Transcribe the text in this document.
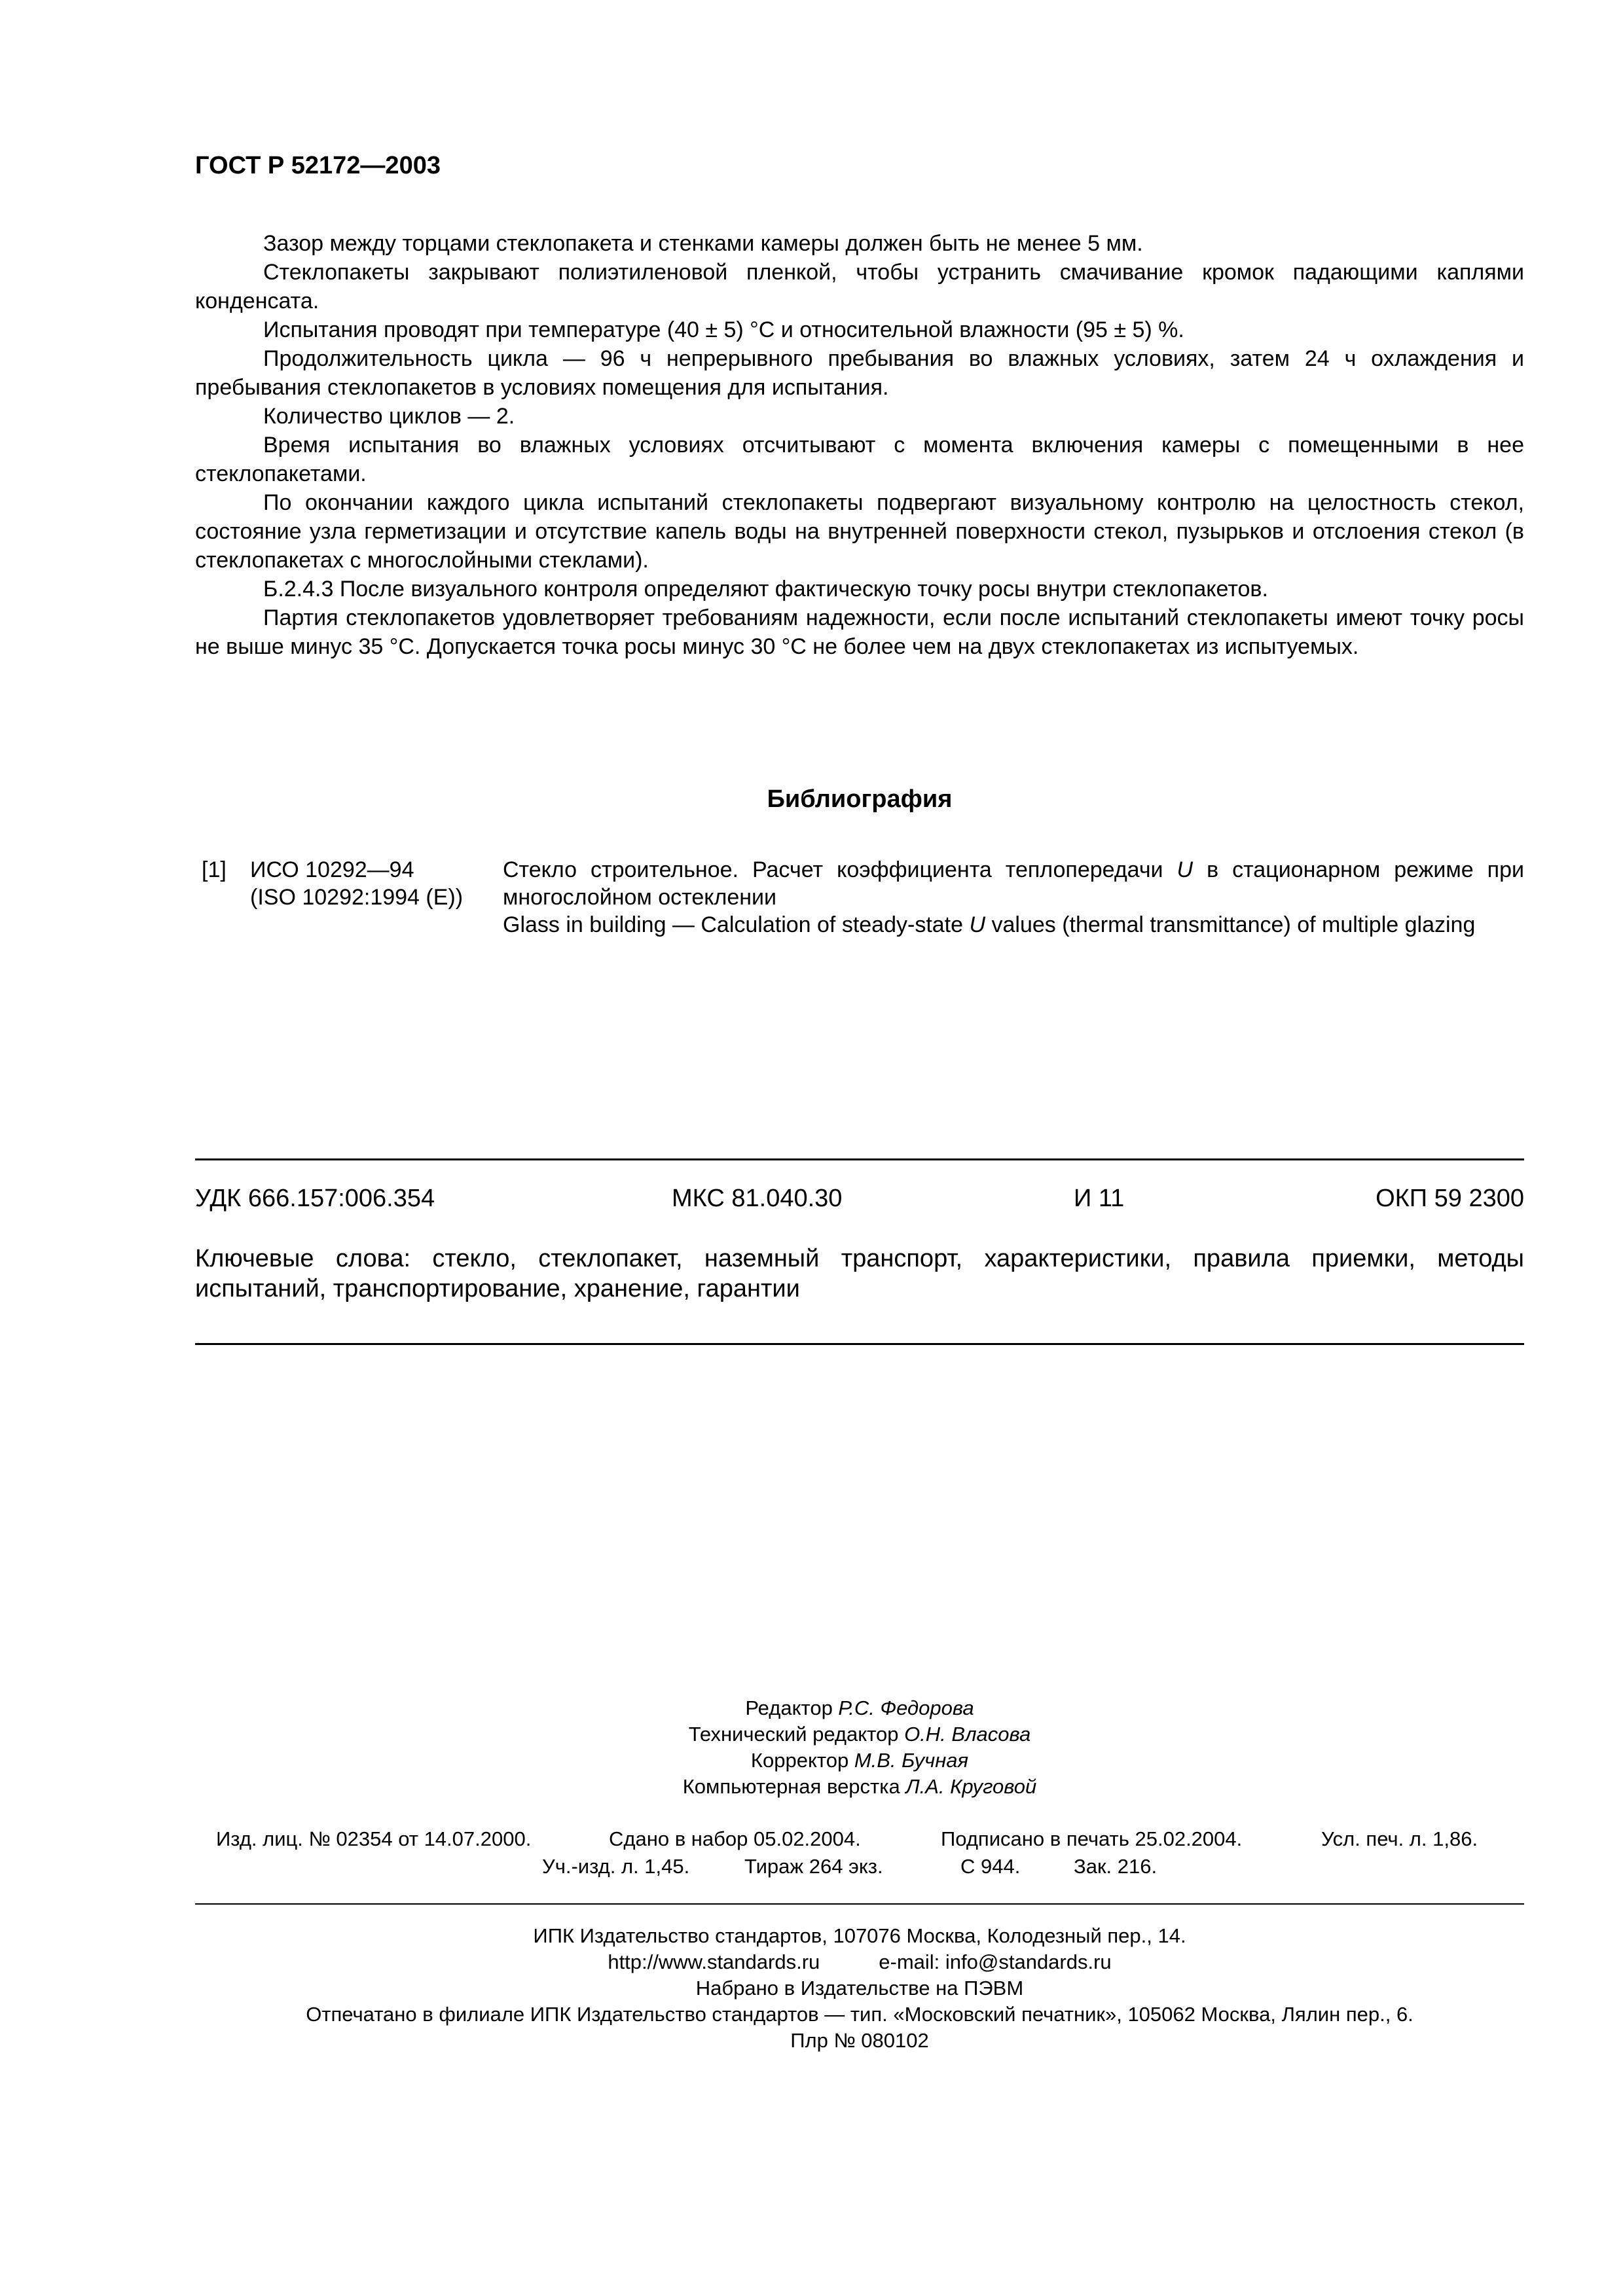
ГОСТ Р 52172—2003

Зазор между торцами стеклопакета и стенками камеры должен быть не менее 5 мм.

Стеклопакеты закрывают полиэтиленовой пленкой, чтобы устранить смачивание кромок падающими каплями конденсата.

Испытания проводят при температуре (40 ± 5) °С и относительной влажности (95 ± 5) %.

Продолжительность цикла — 96 ч непрерывного пребывания во влажных условиях, затем 24 ч охлаждения и пребывания стеклопакетов в условиях помещения для испытания.

Количество циклов — 2.

Время испытания во влажных условиях отсчитывают с момента включения камеры с помещенными в нее стеклопакетами.

По окончании каждого цикла испытаний стеклопакеты подвергают визуальному контролю на целостность стекол, состояние узла герметизации и отсутствие капель воды на внутренней поверхности стекол, пузырьков и отслоения стекол (в стеклопакетах с многослойными стеклами).

Б.2.4.3 После визуального контроля определяют фактическую точку росы внутри стеклопакетов.

Партия стеклопакетов удовлетворяет требованиям надежности, если после испытаний стеклопакеты имеют точку росы не выше минус 35 °С. Допускается точка росы минус 30 °С не более чем на двух стеклопакетах из испытуемых.

Библиография
[1] ИСО 10292—94
(ISO 10292:1994 (E))
Стекло строительное. Расчет коэффициента теплопередачи U в стационарном режиме при многослойном остеклении
Glass in building — Calculation of steady-state U values (thermal transmittance) of multiple glazing
УДК 666.157:006.354	МКС 81.040.30	И 11	ОКП 59 2300
Ключевые слова: стекло, стеклопакет, наземный транспорт, характеристики, правила приемки, методы испытаний, транспортирование, хранение, гарантии
Редактор Р.С. Федорова
Технический редактор О.Н. Власова
Корректор М.В. Бучная
Компьютерная верстка Л.А. Круговой
Изд. лиц. № 02354 от 14.07.2000.	Сдано в набор 05.02.2004.	Подписано в печать 25.02.2004.	Усл. печ. л. 1,86.
Уч.-изд. л. 1,45.	Тираж 264 экз.	С 944.	Зак. 216.
ИПК Издательство стандартов, 107076 Москва, Колодезный пер., 14.
http://www.standards.ru	e-mail: info@standards.ru
Набрано в Издательстве на ПЭВМ
Отпечатано в филиале ИПК Издательство стандартов — тип. «Московский печатник», 105062 Москва, Лялин пер., 6.
Плр № 080102
